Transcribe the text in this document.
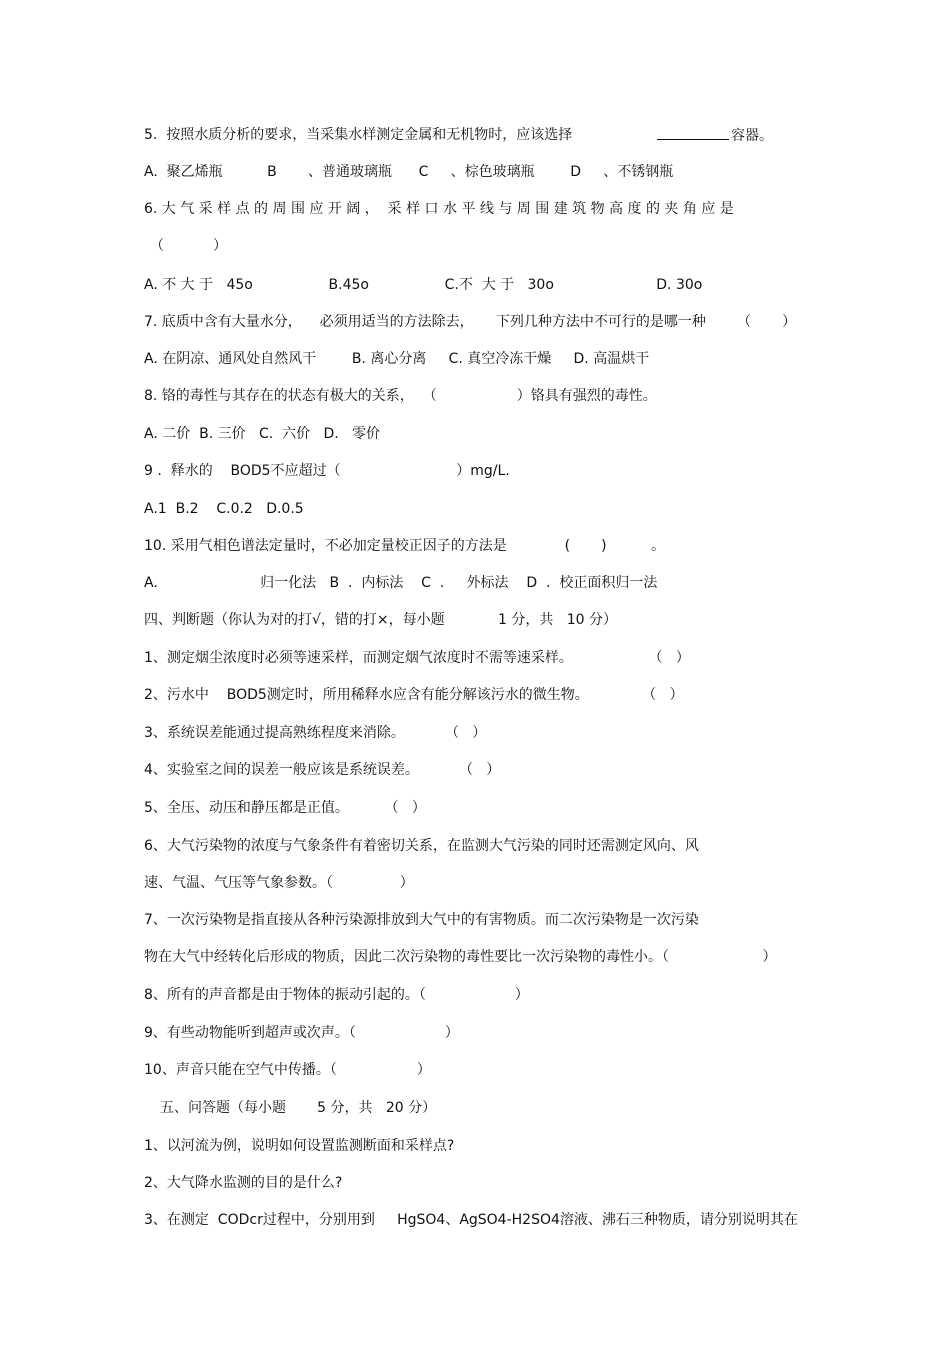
5.  按照水质分析的要求，当采集水样测定金属和无机物时，应该选择	容器。
A.  聚乙烯瓶          B       、普通玻璃瓶      C     、棕色玻璃瓶        D     、不锈钢瓶
6. 大 气 采 样 点 的 周 围 应 开 阔 ，  采 样 口 水 平 线 与 周 围 建 筑 物 高 度 的 夹 角 应 是
（           ）
A. 不 大 于   45o                 B.45o                 C.不  大 于   30o                       D. 30o
7. 底质中含有大量水分，    必须用适当的方法除去，     下列几种方法中不可行的是哪一种       （       ）
A. 在阴凉、通风处自然风干        B. 离心分离     C. 真空冷冻干燥     D. 高温烘干
8. 铬的毒性与其存在的状态有极大的关系，  （                  ）铬具有强烈的毒性。
A. 二价  B. 三价   C.  六价   D.   零价
9 .  释水的    BOD5不应超过（                          ）mg/L.
A.1  B.2    C.0.2   D.0.5
10. 采用气相色谱法定量时，不必加定量校正因子的方法是             (       )          。
A.                       归一化法   B  .  内标法    C  .     外标法    D  .  校正面积归一法
四、判断题（你认为对的打√，错的打×，每小题            1 分，共   10 分）
1、测定烟尘浓度时必须等速采样，而测定烟气浓度时不需等速采样。                 （   ）
2、污水中    BOD5测定时，所用稀释水应含有能分解该污水的微生物。            （   ）
3、系统误差能通过提高熟练程度来消除。         （   ）
4、实验室之间的误差一般应该是系统误差。         （   ）
5、全压、动压和静压都是正值。        （   ）
6、大气污染物的浓度与气象条件有着密切关系，在监测大气污染的同时还需测定风向、风
速、气温、气压等气象参数。（               ）
7、一次污染物是指直接从各种污染源排放到大气中的有害物质。而二次污染物是一次污染
物在大气中经转化后形成的物质，因此二次污染物的毒性要比一次污染物的毒性小。（                     ）
8、所有的声音都是由于物体的振动引起的。（                    ）
9、有些动物能听到超声或次声。（                    ）
10、声音只能在空气中传播。（                  ）
五、问答题（每小题       5 分，共   20 分）
1、以河流为例，说明如何设置监测断面和采样点?
2、大气降水监测的目的是什么?
3、在测定  CODcr过程中，分别用到     HgSO4、AgSO4-H2SO4溶液、沸石三种物质，请分别说明其在
